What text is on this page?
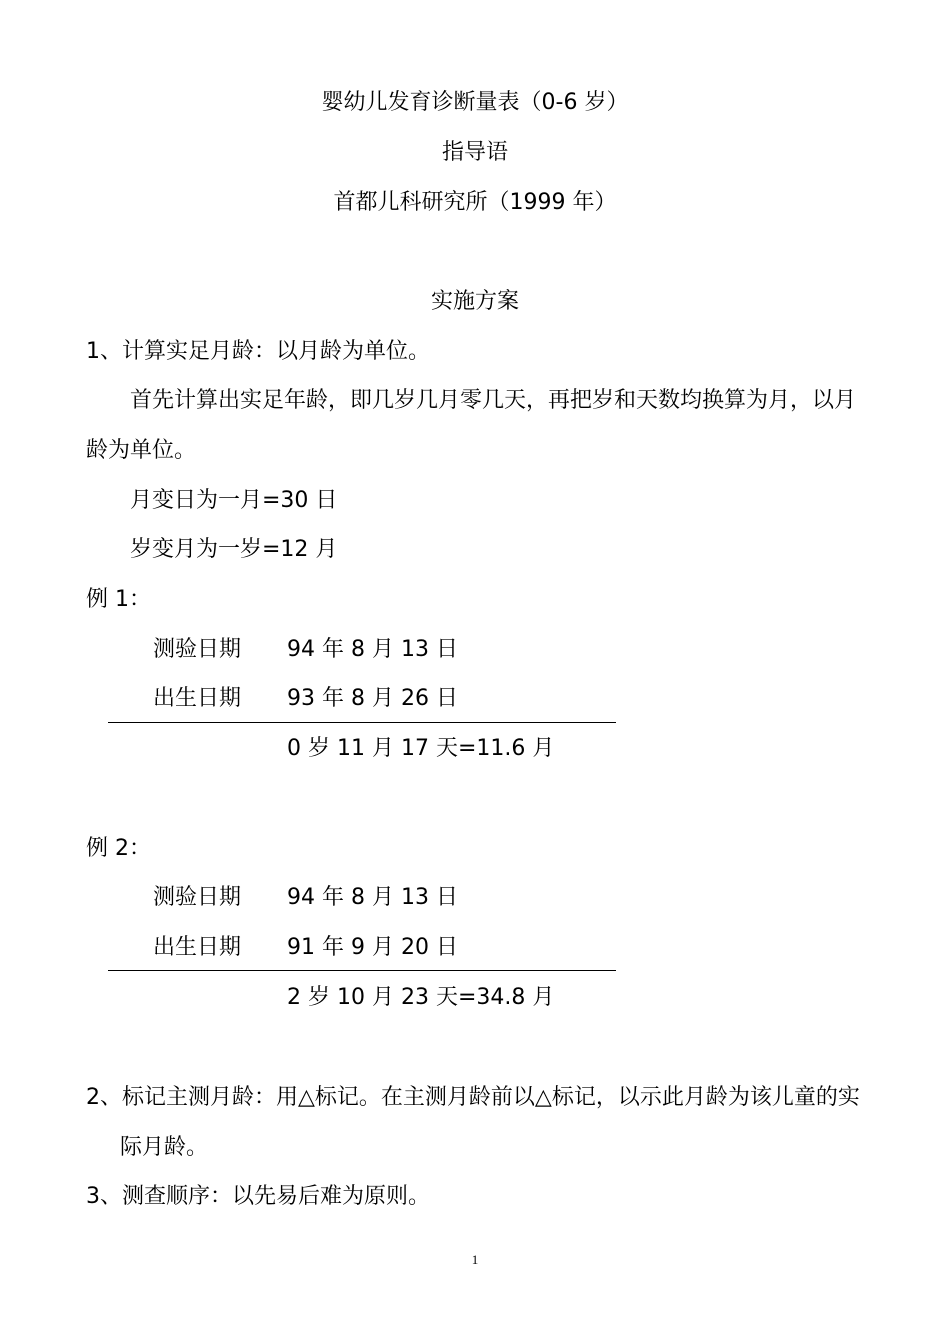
婴幼儿发育诊断量表（0-6 岁）
指导语
首都儿科研究所（1999 年）
实施方案
1、计算实足月龄：以月龄为单位。
首先计算出实足年龄，即几岁几月零几天，再把岁和天数均换算为月，以月
龄为单位。
月变日为一月=30 日
岁变月为一岁=12 月
例 1：
测验日期 94 年 8 月 13 日
出生日期 93 年 8 月 26 日
0 岁 11 月 17 天=11.6 月
例 2：
测验日期 94 年 8 月 13 日
出生日期 91 年 9 月 20 日
2 岁 10 月 23 天=34.8 月
2、标记主测月龄：用△标记。在主测月龄前以△标记，以示此月龄为该儿童的实
际月龄。
3、测查顺序：以先易后难为原则。
1
